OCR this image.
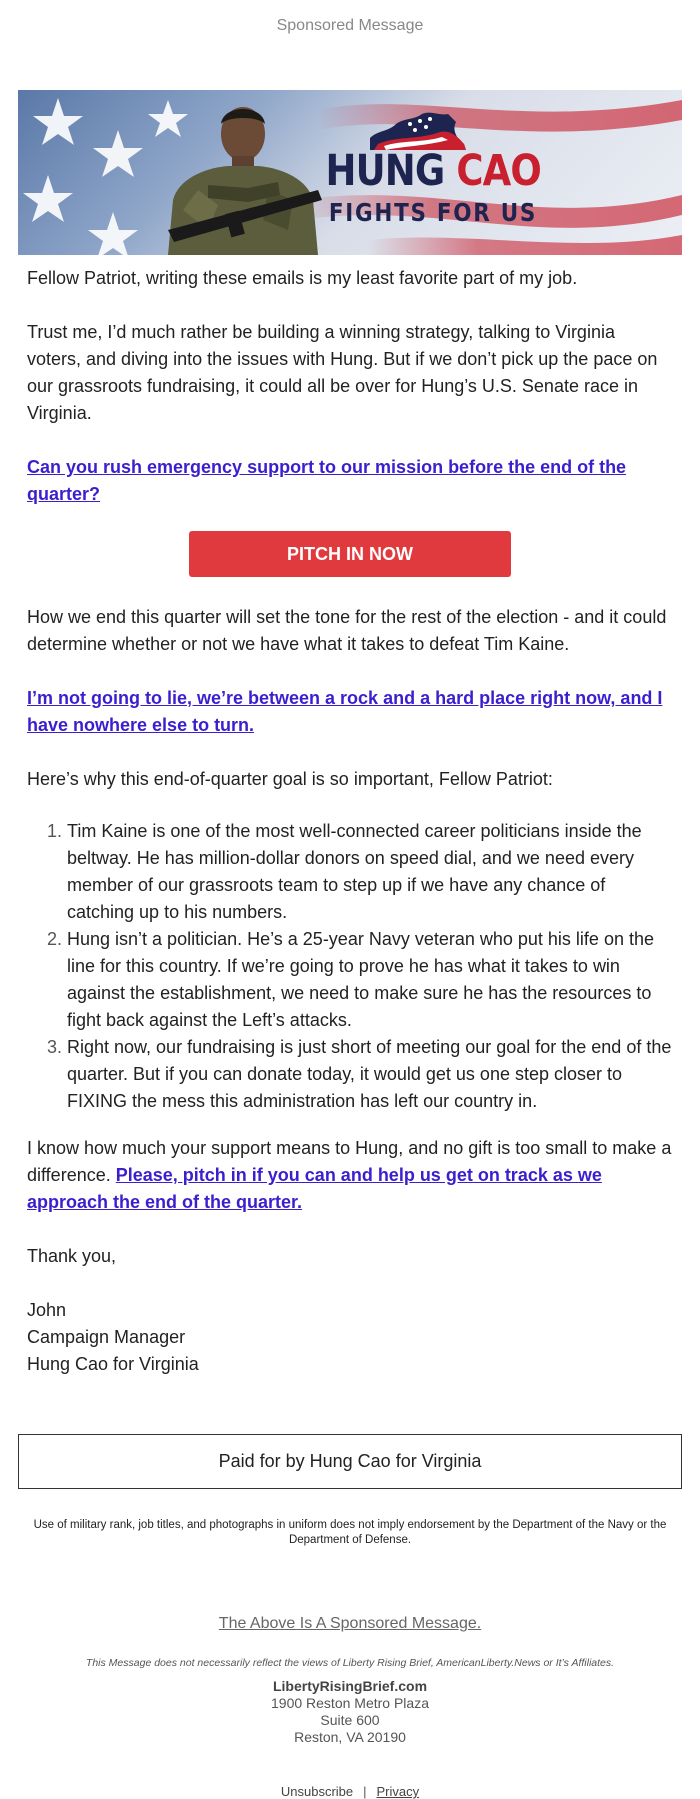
Sponsored Message
HUNG CAO
FIGHTS FOR US

Fellow Patriot, writing these emails is my least favorite part of my job.

Trust me, I’d much rather be building a winning strategy, talking to Virginia voters, and diving into the issues with Hung. But if we don’t pick up the pace on our grassroots fundraising, it could all be over for Hung’s U.S. Senate race in Virginia.

Can you rush emergency support to our mission before the end of the quarter?

PITCH IN NOW

How we end this quarter will set the tone for the rest of the election - and it could determine whether or not we have what it takes to defeat Tim Kaine.

I’m not going to lie, we’re between a rock and a hard place right now, and I have nowhere else to turn.

Here’s why this end-of-quarter goal is so important, Fellow Patriot:

1. Tim Kaine is one of the most well-connected career politicians inside the beltway. He has million-dollar donors on speed dial, and we need every member of our grassroots team to step up if we have any chance of catching up to his numbers.
2. Hung isn’t a politician. He’s a 25-year Navy veteran who put his life on the line for this country. If we’re going to prove he has what it takes to win against the establishment, we need to make sure he has the resources to fight back against the Left’s attacks.
3. Right now, our fundraising is just short of meeting our goal for the end of the quarter. But if you can donate today, it would get us one step closer to FIXING the mess this administration has left our country in.

I know how much your support means to Hung, and no gift is too small to make a difference. Please, pitch in if you can and help us get on track as we approach the end of the quarter.

Thank you,

John

Campaign Manager

Hung Cao for Virginia

Paid for by Hung Cao for Virginia
Use of military rank, job titles, and photographs in uniform does not imply endorsement by the Department of the Navy or the Department of Defense.
The Above Is A Sponsored Message.
This Message does not necessarily reflect the views of Liberty Rising Brief, AmericanLiberty.News or It’s Affiliates.
LibertyRisingBrief.com
1900 Reston Metro Plaza
Suite 600
Reston, VA 20190
Unsubscribe | Privacy
